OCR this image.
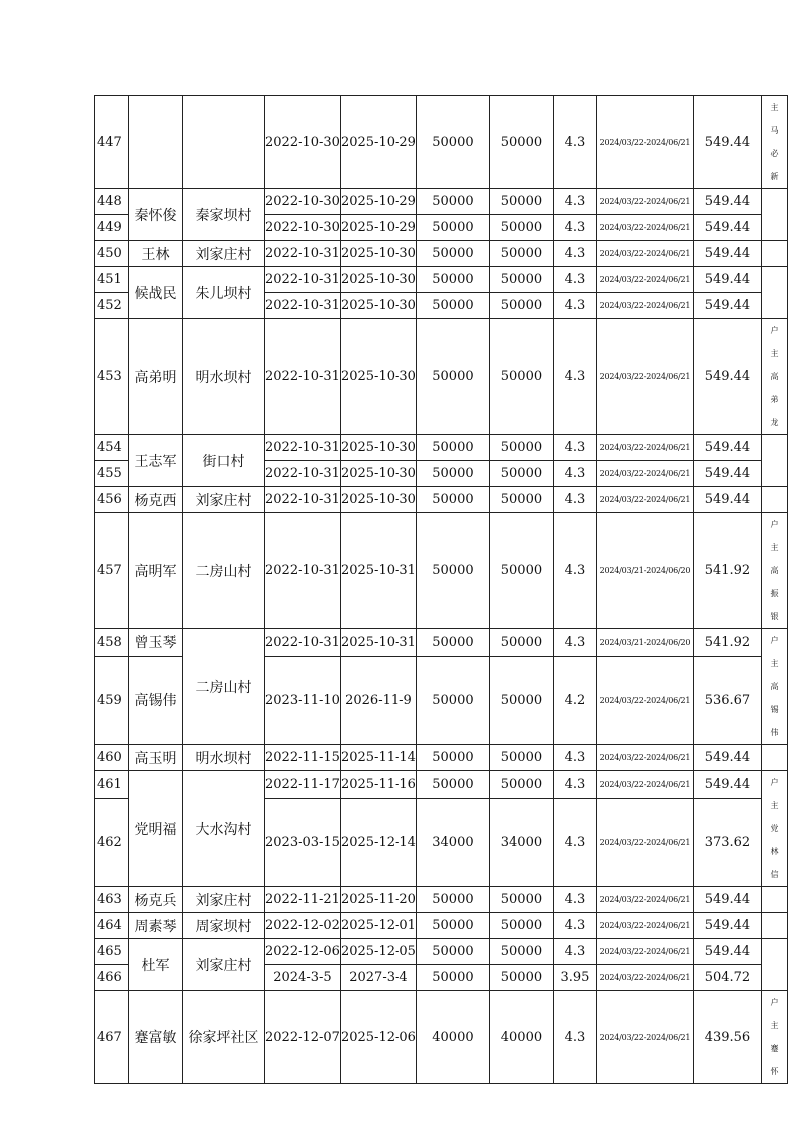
447			2022-10-30	2025-10-29	50000	50000	4.3	2024/03/22-2024/06/21	549.44	主
马
必
新

448	秦怀俊	秦家坝村	2022-10-30	2025-10-29	50000	50000	4.3	2024/03/22-2024/06/21	549.44	
449			2022-10-30	2025-10-29	50000	50000	4.3	2024/03/22-2024/06/21	549.44	
450	王林	刘家庄村	2022-10-31	2025-10-30	50000	50000	4.3	2024/03/22-2024/06/21	549.44	
451	候战民	朱儿坝村	2022-10-31	2025-10-30	50000	50000	4.3	2024/03/22-2024/06/21	549.44	
452			2022-10-31	2025-10-30	50000	50000	4.3	2024/03/22-2024/06/21	549.44	
453	高弟明	明水坝村	2022-10-31	2025-10-30	50000	50000	4.3	2024/03/22-2024/06/21	549.44	户
主
高
弟
龙

454	王志军	街口村	2022-10-31	2025-10-30	50000	50000	4.3	2024/03/22-2024/06/21	549.44	
455			2022-10-31	2025-10-30	50000	50000	4.3	2024/03/22-2024/06/21	549.44	
456	杨克西	刘家庄村	2022-10-31	2025-10-30	50000	50000	4.3	2024/03/22-2024/06/21	549.44	
457	高明军	二房山村	2022-10-31	2025-10-31	50000	50000	4.3	2024/03/21-2024/06/20	541.92	户
主
高
振
银

458	曾玉琴	二房山村	2022-10-31	2025-10-31	50000	50000	4.3	2024/03/21-2024/06/20	541.92	户
主
高
锡
伟

459	高锡伟		2023-11-10	2026-11-9	50000	50000	4.2	2024/03/22-2024/06/21	536.67	
460	高玉明	明水坝村	2022-11-15	2025-11-14	50000	50000	4.3	2024/03/22-2024/06/21	549.44	
461	党明福	大水沟村	2022-11-17	2025-11-16	50000	50000	4.3	2024/03/22-2024/06/21	549.44	户
主
党
林
信

462			2023-03-15	2025-12-14	34000	34000	4.3	2024/03/22-2024/06/21	373.62	
463	杨克兵	刘家庄村	2022-11-21	2025-11-20	50000	50000	4.3	2024/03/22-2024/06/21	549.44	
464	周素琴	周家坝村	2022-12-02	2025-12-01	50000	50000	4.3	2024/03/22-2024/06/21	549.44	
465	杜军	刘家庄村	2022-12-06	2025-12-05	50000	50000	4.3	2024/03/22-2024/06/21	549.44	
466			2024-3-5	2027-3-4	50000	50000	3.95	2024/03/22-2024/06/21	504.72	
467	蹇富敏	徐家坪社区	2022-12-07	2025-12-06	40000	40000	4.3	2024/03/22-2024/06/21	439.56	户
主
蹇
怀
